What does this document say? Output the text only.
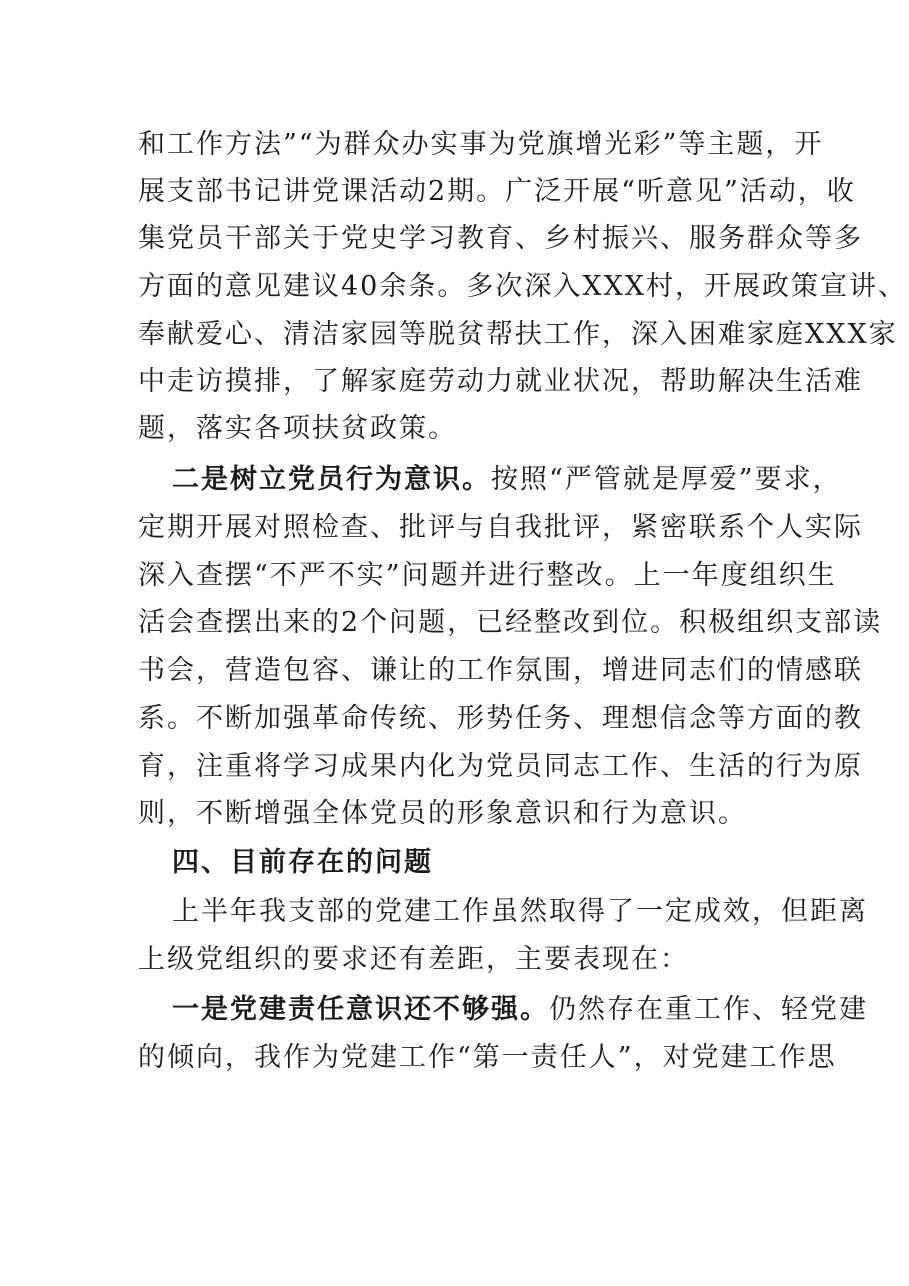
和工作方法”“为群众办实事为党旗增光彩”等主题，开
展支部书记讲党课活动2期。广泛开展“听意见”活动，收
集党员干部关于党史学习教育、乡村振兴、服务群众等多
方面的意见建议40余条。多次深入XXX村，开展政策宣讲、
奉献爱心、清洁家园等脱贫帮扶工作，深入困难家庭XXX家
中走访摸排，了解家庭劳动力就业状况，帮助解决生活难
题，落实各项扶贫政策。
二是树立党员行为意识。按照“严管就是厚爱”要求，
定期开展对照检查、批评与自我批评，紧密联系个人实际
深入查摆“不严不实”问题并进行整改。上一年度组织生
活会查摆出来的2个问题，已经整改到位。积极组织支部读
书会，营造包容、谦让的工作氛围，增进同志们的情感联
系。不断加强革命传统、形势任务、理想信念等方面的教
育，注重将学习成果内化为党员同志工作、生活的行为原
则，不断增强全体党员的形象意识和行为意识。
四、目前存在的问题
上半年我支部的党建工作虽然取得了一定成效，但距离
上级党组织的要求还有差距，主要表现在：
一是党建责任意识还不够强。仍然存在重工作、轻党建
的倾向，我作为党建工作“第一责任人”，对党建工作思
